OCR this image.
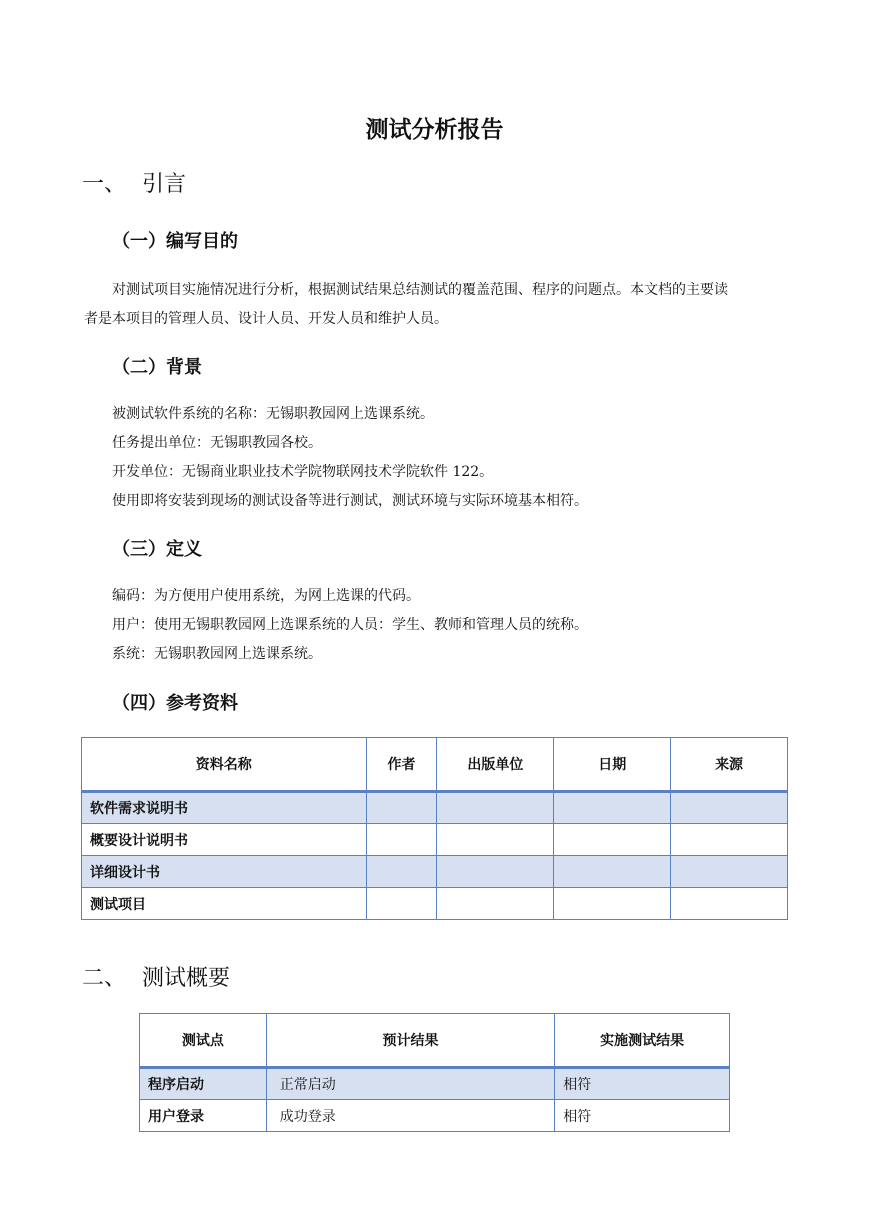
测试分析报告
一、 引言
（一）编写目的

对测试项目实施情况进行分析，根据测试结果总结测试的覆盖范围、程序的问题点。本文档的主要读

者是本项目的管理人员、设计人员、开发人员和维护人员。

（二）背景

被测试软件系统的名称：无锡职教园网上选课系统。

任务提出单位：无锡职教园各校。

开发单位：无锡商业职业技术学院物联网技术学院软件 122。

使用即将安装到现场的测试设备等进行测试，测试环境与实际环境基本相符。

（三）定义

编码：为方便用户使用系统，为网上选课的代码。

用户：使用无锡职教园网上选课系统的人员：学生、教师和管理人员的统称。

系统：无锡职教园网上选课系统。

（四）参考资料
资料名称	作者	出版单位	日期	来源
软件需求说明书				
概要设计说明书				
详细设计书				
测试项目				
二、 测试概要
测试点	预计结果	实施测试结果
程序启动	正常启动	相符
用户登录	成功登录	相符
